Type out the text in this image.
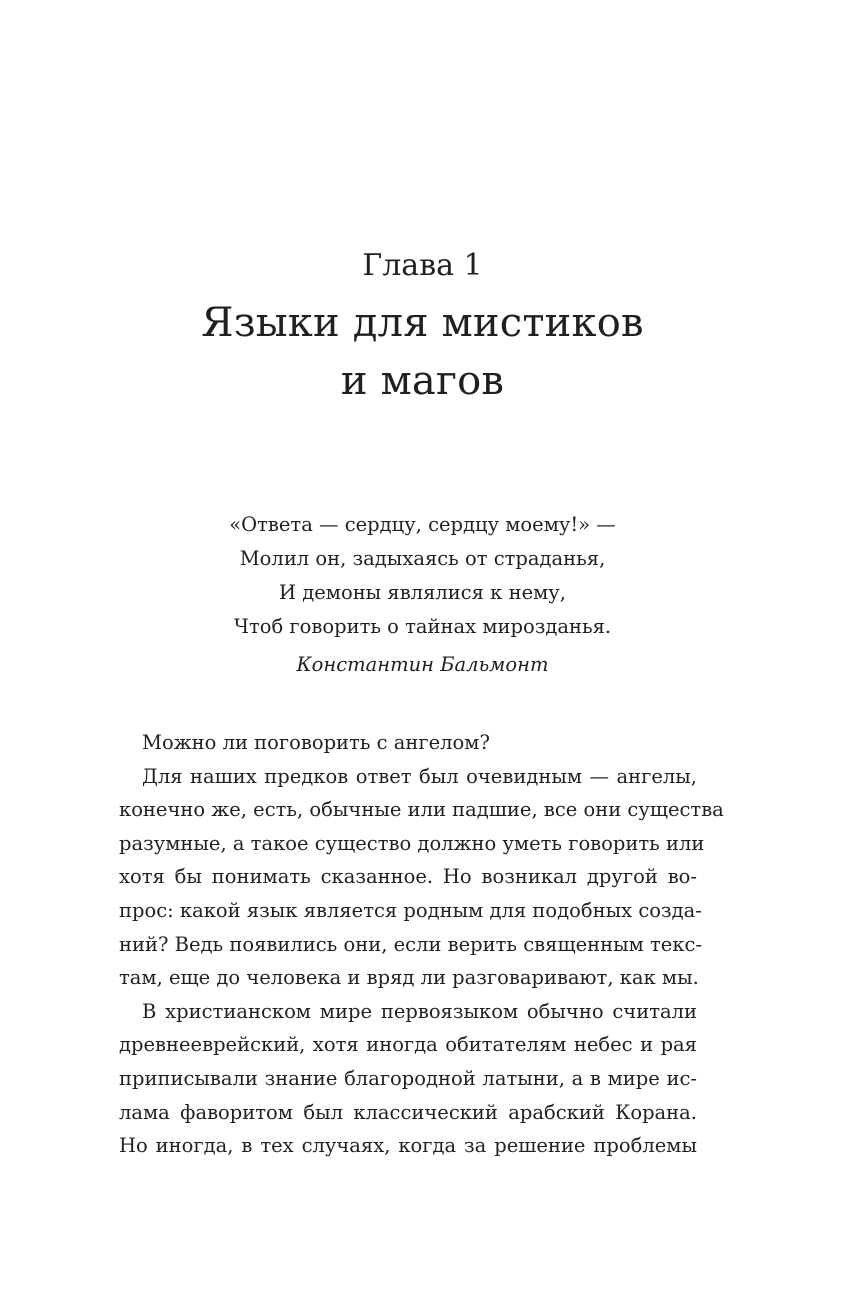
Глава 1
Языки для мистиков
и магов
«Ответа — сердцу, сердцу моему!» —
Молил он, задыхаясь от страданья,
И демоны являлися к нему,
Чтоб говорить о тайнах мирозданья.
Константин Бальмонт

Можно ли поговорить с ангелом?

Для наших предков ответ был очевидным — ангелы,
конечно же, есть, обычные или падшие, все они существа
разумные, а такое существо должно уметь говорить или
хотя бы понимать сказанное. Но возникал другой во-
прос: какой язык является родным для подобных созда-
ний? Ведь появились они, если верить священным текс-
там, еще до человека и вряд ли разговаривают, как мы.

В христианском мире первоязыком обычно считали
древнееврейский, хотя иногда обитателям небес и рая
приписывали знание благородной латыни, а в мире ис-
лама фаворитом был классический арабский Корана.
Но иногда, в тех случаях, когда за решение проблемы
